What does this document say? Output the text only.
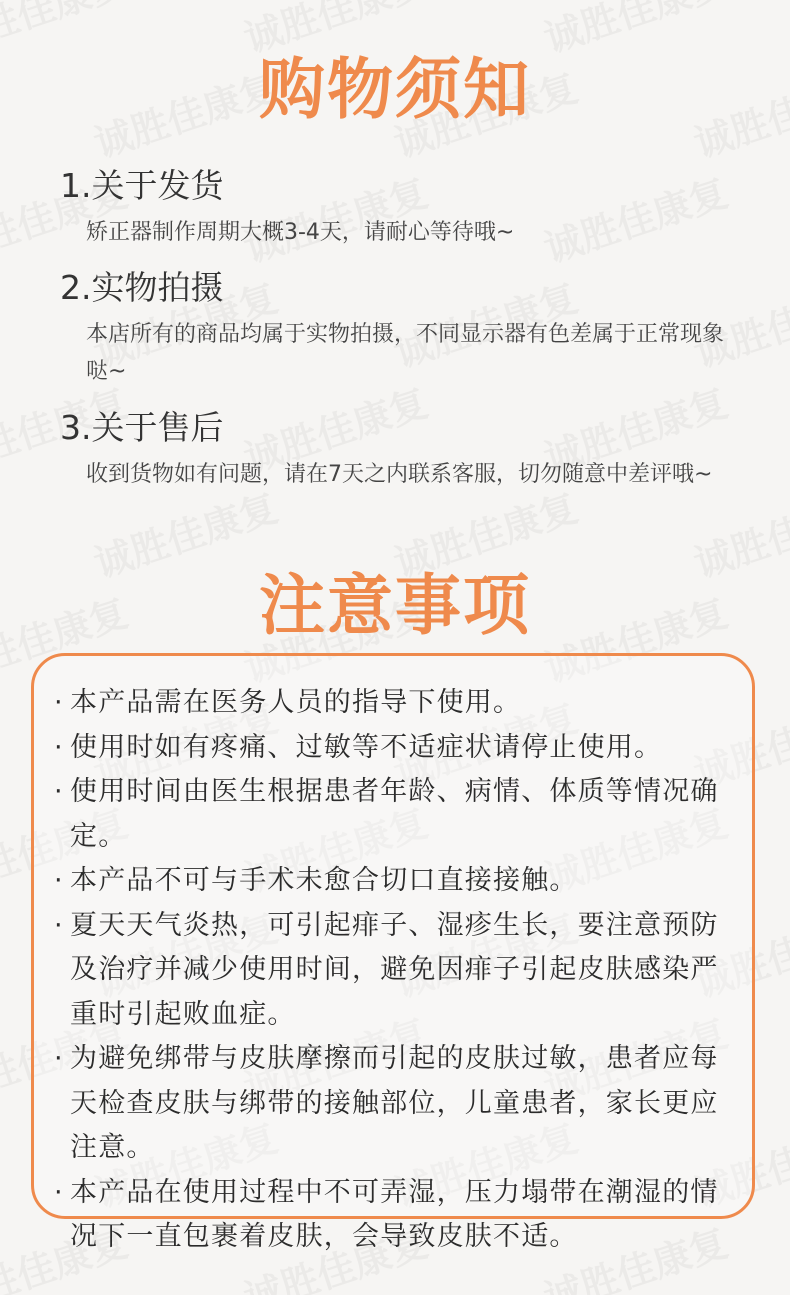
购物须知

1.关于发货

矫正器制作周期大概3-4天，请耐心等待哦~

2.实物拍摄

本店所有的商品均属于实物拍摄，不同显示器有色差属于正常现象哒~

3.关于售后

收到货物如有问题，请在7天之内联系客服，切勿随意中差评哦~

注意事项
· 本产品需在医务人员的指导下使用。
· 使用时如有疼痛、过敏等不适症状请停止使用。
· 使用时间由医生根据患者年龄、病情、体质等情况确定。
· 本产品不可与手术未愈合切口直接接触。
· 夏天天气炎热，可引起痱子、湿疹生长，要注意预防及治疗并减少使用时间，避免因痱子引起皮肤感染严重时引起败血症。
· 为避免绑带与皮肤摩擦而引起的皮肤过敏，患者应每天检查皮肤与绑带的接触部位，儿童患者，家长更应注意。
· 本产品在使用过程中不可弄湿，压力塌带在潮湿的情况下一直包裹着皮肤，会导致皮肤不适。
